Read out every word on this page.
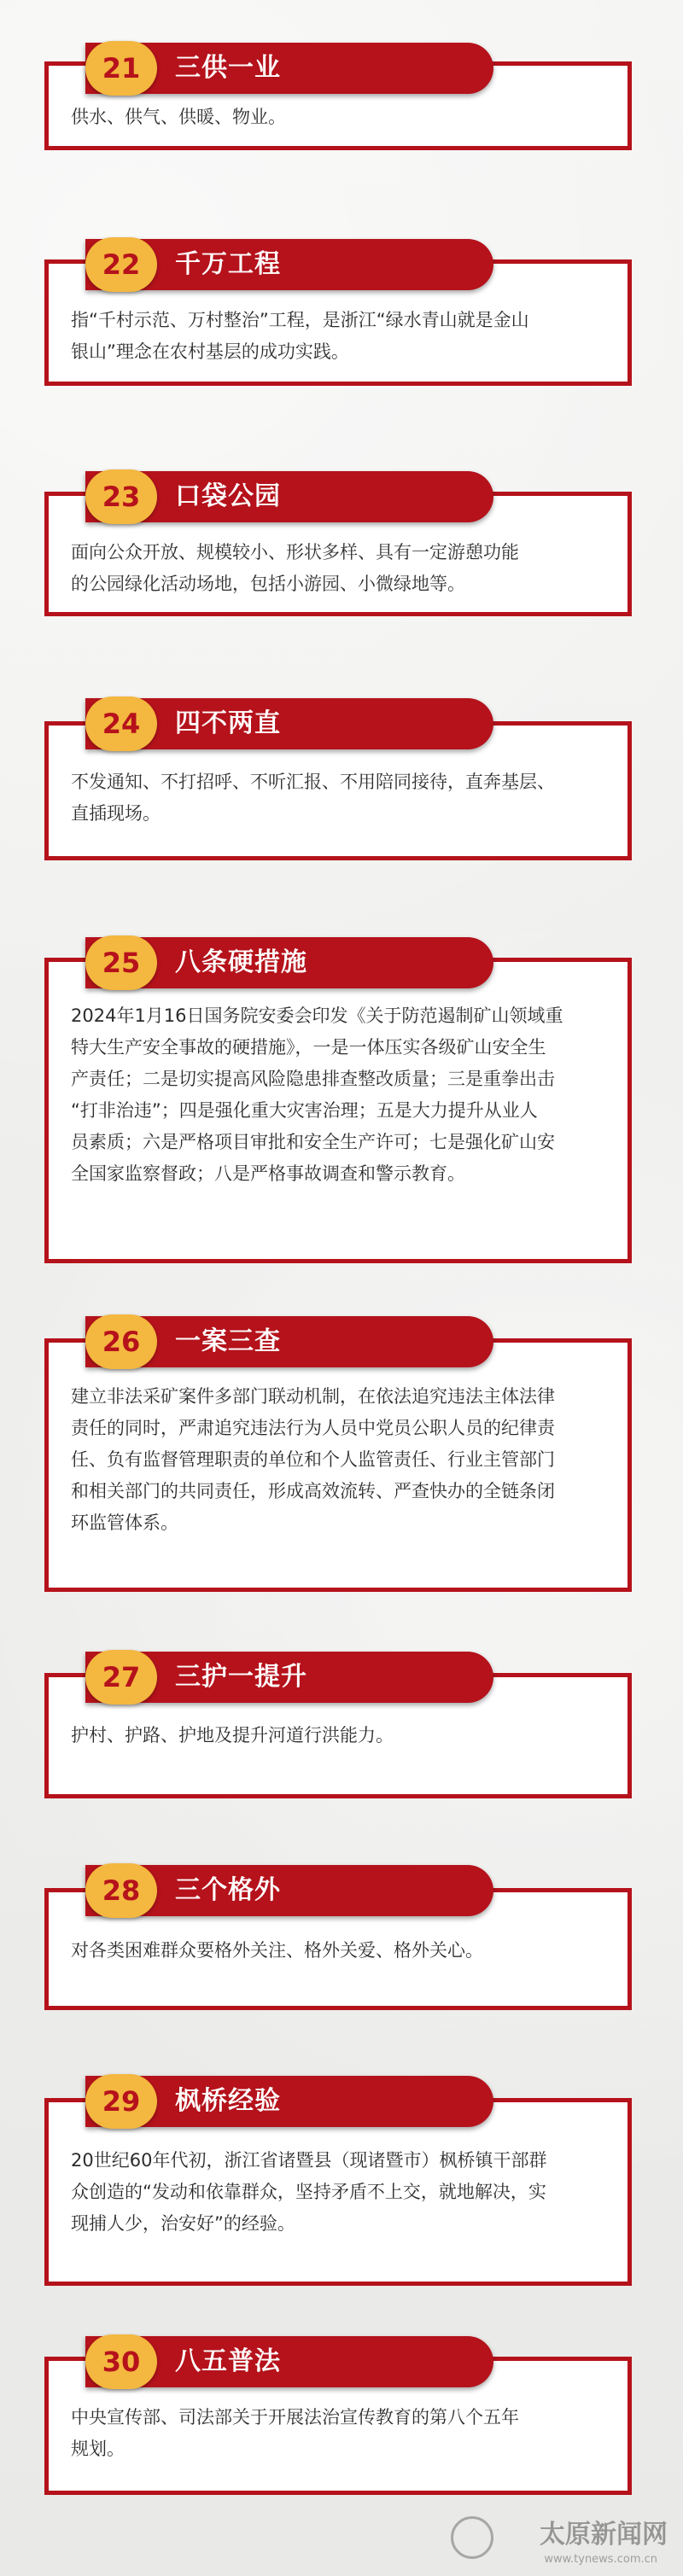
供水、供气、供暖、物业。

三供一业
21

指“千村示范、万村整治”工程，是浙江“绿水青山就是金山
银山”理念在农村基层的成功实践。

千万工程
22

面向公众开放、规模较小、形状多样、具有一定游憩功能
的公园绿化活动场地，包括小游园、小微绿地等。

口袋公园
23

不发通知、不打招呼、不听汇报、不用陪同接待，直奔基层、
直插现场。

四不两直
24

2024年1月16日国务院安委会印发《关于防范遏制矿山领域重
特大生产安全事故的硬措施》，一是一体压实各级矿山安全生
产责任；二是切实提高风险隐患排查整改质量；三是重拳出击
“打非治违”；四是强化重大灾害治理；五是大力提升从业人
员素质；六是严格项目审批和安全生产许可；七是强化矿山安
全国家监察督政；八是严格事故调查和警示教育。

八条硬措施
25

建立非法采矿案件多部门联动机制，在依法追究违法主体法律
责任的同时，严肃追究违法行为人员中党员公职人员的纪律责
任、负有监督管理职责的单位和个人监管责任、行业主管部门
和相关部门的共同责任，形成高效流转、严查快办的全链条闭
环监管体系。

一案三查
26

护村、护路、护地及提升河道行洪能力。

三护一提升
27

对各类困难群众要格外关注、格外关爱、格外关心。

三个格外
28

20世纪60年代初，浙江省诸暨县（现诸暨市）枫桥镇干部群
众创造的“发动和依靠群众，坚持矛盾不上交，就地解决，实
现捕人少，治安好”的经验。

枫桥经验
29

中央宣传部、司法部关于开展法治宣传教育的第八个五年
规划。

八五普法
30
太原新闻网
www.tynews.com.cn
